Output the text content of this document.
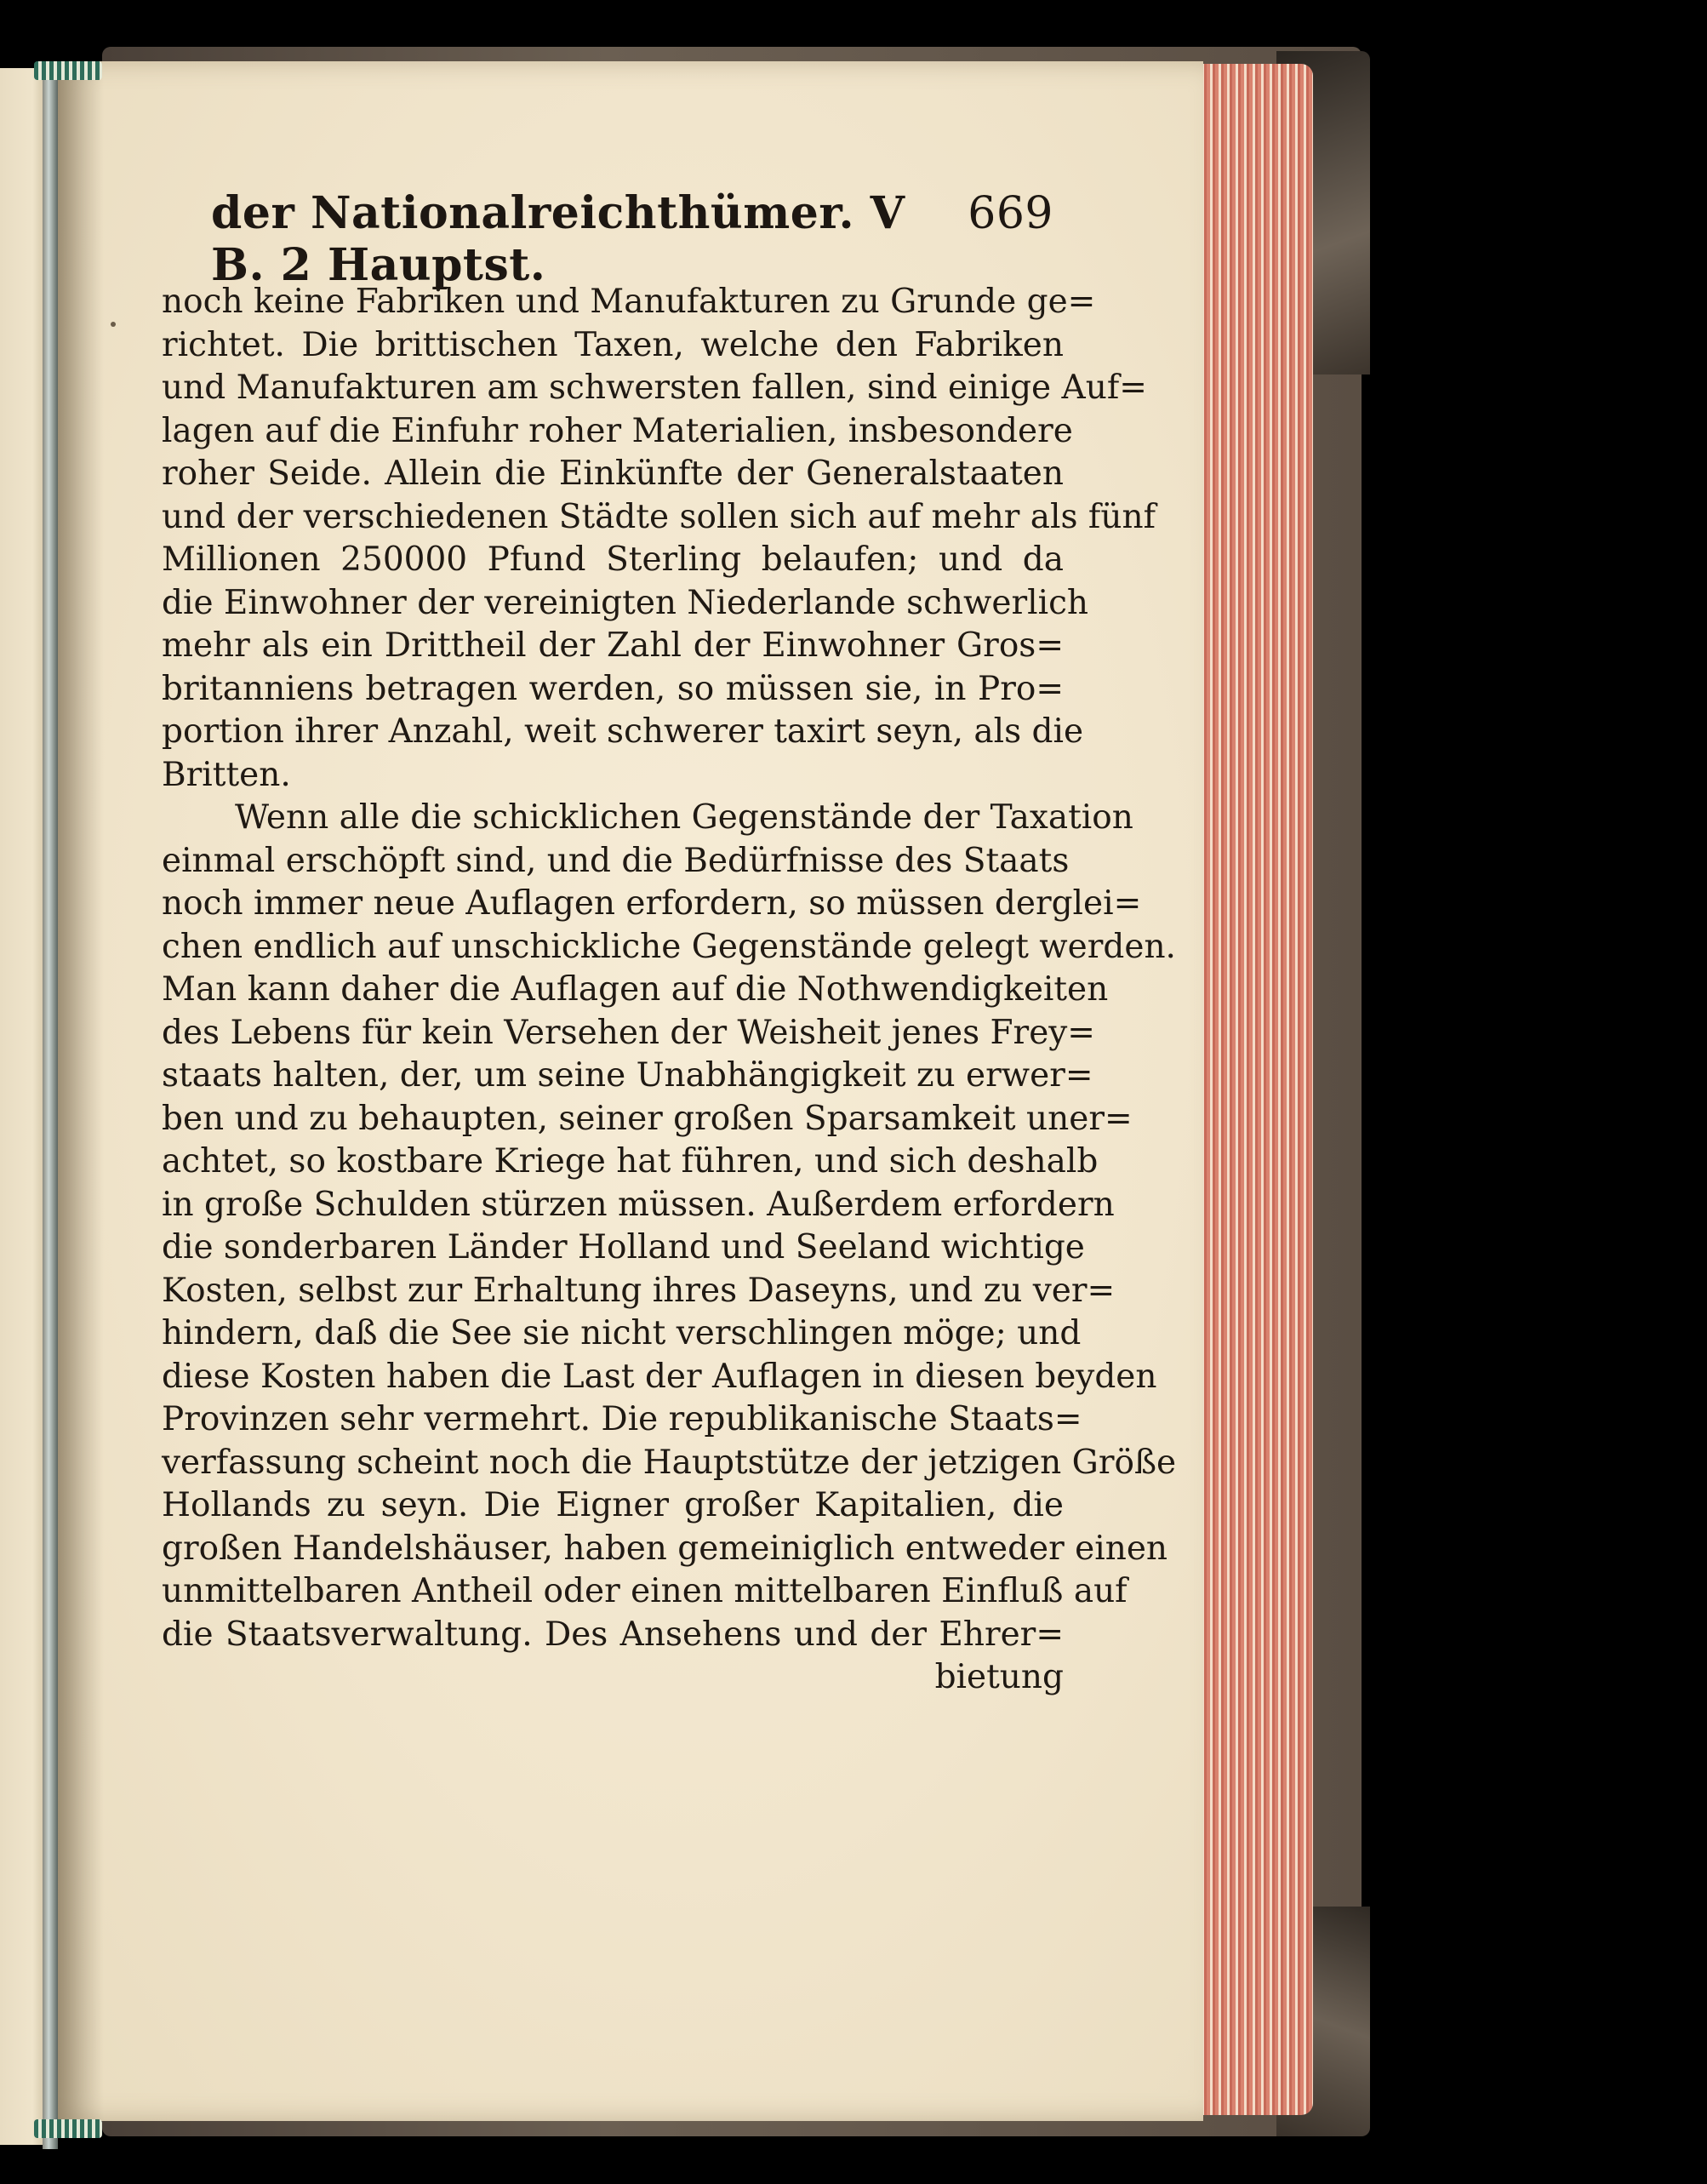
der Nationalreichthümer. V B. 2 Hauptst.
669
noch keine Fabriken und Manufakturen zu Grunde ge=
richtet. Die brittischen Taxen, welche den Fabriken
und Manufakturen am schwersten fallen, sind einige Auf=
lagen auf die Einfuhr roher Materialien, insbesondere
roher Seide. Allein die Einkünfte der Generalstaaten
und der verschiedenen Städte sollen sich auf mehr als fünf
Millionen 250000 Pfund Sterling belaufen; und da
die Einwohner der vereinigten Niederlande schwerlich
mehr als ein Drittheil der Zahl der Einwohner Gros=
britanniens betragen werden, so müssen sie, in Pro=
portion ihrer Anzahl, weit schwerer taxirt seyn, als die
Britten.
Wenn alle die schicklichen Gegenstände der Taxation
einmal erschöpft sind, und die Bedürfnisse des Staats
noch immer neue Auflagen erfordern, so müssen derglei=
chen endlich auf unschickliche Gegenstände gelegt werden.
Man kann daher die Auflagen auf die Nothwendigkeiten
des Lebens für kein Versehen der Weisheit jenes Frey=
staats halten, der, um seine Unabhängigkeit zu erwer=
ben und zu behaupten, seiner großen Sparsamkeit uner=
achtet, so kostbare Kriege hat führen, und sich deshalb
in große Schulden stürzen müssen. Außerdem erfordern
die sonderbaren Länder Holland und Seeland wichtige
Kosten, selbst zur Erhaltung ihres Daseyns, und zu ver=
hindern, daß die See sie nicht verschlingen möge; und
diese Kosten haben die Last der Auflagen in diesen beyden
Provinzen sehr vermehrt. Die republikanische Staats=
verfassung scheint noch die Hauptstütze der jetzigen Größe
Hollands zu seyn. Die Eigner großer Kapitalien, die
großen Handelshäuser, haben gemeiniglich entweder einen
unmittelbaren Antheil oder einen mittelbaren Einfluß auf
die Staatsverwaltung. Des Ansehens und der Ehrer=
bietung
